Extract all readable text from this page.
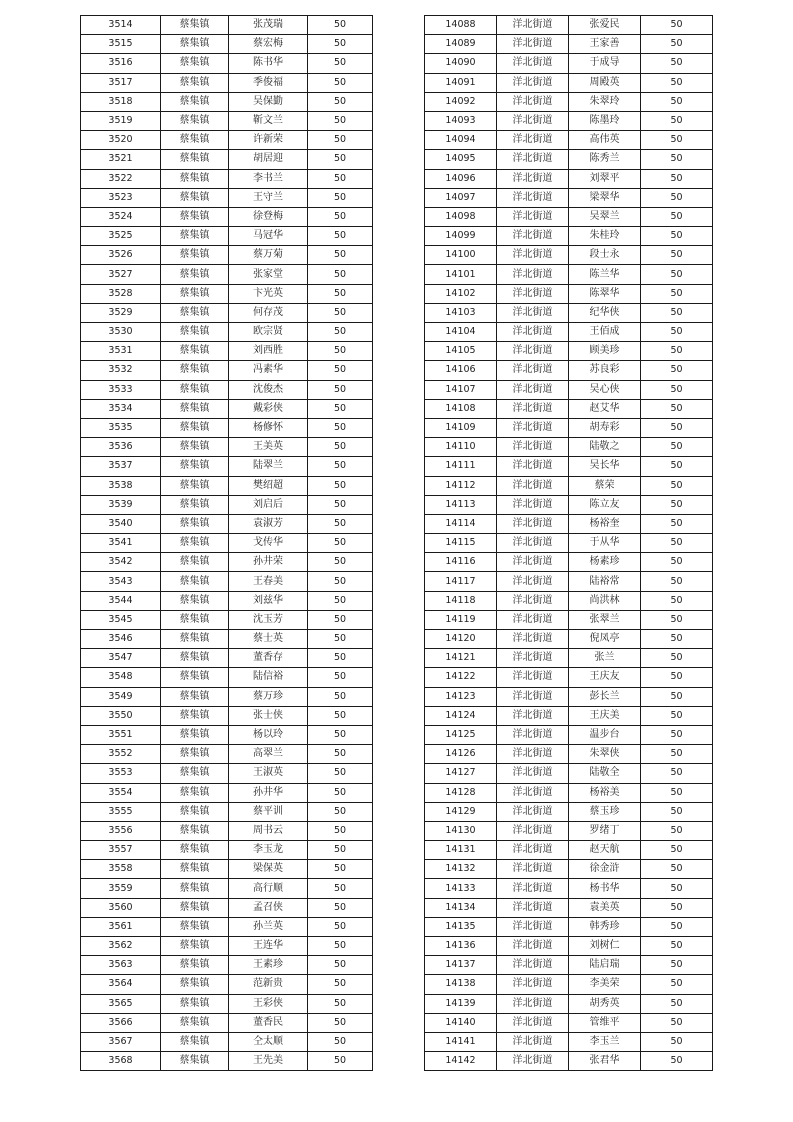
3514	蔡集镇	张茂瑞	50
3515	蔡集镇	蔡宏梅	50
3516	蔡集镇	陈书华	50
3517	蔡集镇	季俊福	50
3518	蔡集镇	吴保勤	50
3519	蔡集镇	靳文兰	50
3520	蔡集镇	许新荣	50
3521	蔡集镇	胡居迎	50
3522	蔡集镇	李书兰	50
3523	蔡集镇	王守兰	50
3524	蔡集镇	徐登梅	50
3525	蔡集镇	马冠华	50
3526	蔡集镇	蔡万菊	50
3527	蔡集镇	张家堂	50
3528	蔡集镇	卞光英	50
3529	蔡集镇	何存茂	50
3530	蔡集镇	欧宗贤	50
3531	蔡集镇	刘西胜	50
3532	蔡集镇	冯素华	50
3533	蔡集镇	沈俊杰	50
3534	蔡集镇	戴彩侠	50
3535	蔡集镇	杨修怀	50
3536	蔡集镇	王美英	50
3537	蔡集镇	陆翠兰	50
3538	蔡集镇	樊绍超	50
3539	蔡集镇	刘启后	50
3540	蔡集镇	袁淑芳	50
3541	蔡集镇	戈传华	50
3542	蔡集镇	孙井荣	50
3543	蔡集镇	王春美	50
3544	蔡集镇	刘兹华	50
3545	蔡集镇	沈玉芳	50
3546	蔡集镇	蔡士英	50
3547	蔡集镇	董香存	50
3548	蔡集镇	陆信裕	50
3549	蔡集镇	蔡万珍	50
3550	蔡集镇	张士侠	50
3551	蔡集镇	杨以玲	50
3552	蔡集镇	高翠兰	50
3553	蔡集镇	王淑英	50
3554	蔡集镇	孙井华	50
3555	蔡集镇	蔡平训	50
3556	蔡集镇	周书云	50
3557	蔡集镇	李玉龙	50
3558	蔡集镇	梁保英	50
3559	蔡集镇	高行顺	50
3560	蔡集镇	孟召侠	50
3561	蔡集镇	孙兰英	50
3562	蔡集镇	王连华	50
3563	蔡集镇	王素珍	50
3564	蔡集镇	范新贵	50
3565	蔡集镇	王彩侠	50
3566	蔡集镇	董香民	50
3567	蔡集镇	仝太顺	50
3568	蔡集镇	王先美	50
14088	洋北街道	张爱民	50
14089	洋北街道	王家善	50
14090	洋北街道	于成导	50
14091	洋北街道	周殿英	50
14092	洋北街道	朱翠玲	50
14093	洋北街道	陈墨玲	50
14094	洋北街道	高伟英	50
14095	洋北街道	陈秀兰	50
14096	洋北街道	刘翠平	50
14097	洋北街道	梁翠华	50
14098	洋北街道	吴翠兰	50
14099	洋北街道	朱桂玲	50
14100	洋北街道	段士永	50
14101	洋北街道	陈兰华	50
14102	洋北街道	陈翠华	50
14103	洋北街道	纪华侠	50
14104	洋北街道	王佰成	50
14105	洋北街道	顾美珍	50
14106	洋北街道	苏良彩	50
14107	洋北街道	吴心侠	50
14108	洋北街道	赵艾华	50
14109	洋北街道	胡寿彩	50
14110	洋北街道	陆敬之	50
14111	洋北街道	吴长华	50
14112	洋北街道	蔡荣	50
14113	洋北街道	陈立友	50
14114	洋北街道	杨裕奎	50
14115	洋北街道	于从华	50
14116	洋北街道	杨素珍	50
14117	洋北街道	陆裕常	50
14118	洋北街道	尚洪林	50
14119	洋北街道	张翠兰	50
14120	洋北街道	倪凤亭	50
14121	洋北街道	张兰	50
14122	洋北街道	王庆友	50
14123	洋北街道	彭长兰	50
14124	洋北街道	王庆美	50
14125	洋北街道	温步台	50
14126	洋北街道	朱翠侠	50
14127	洋北街道	陆敬全	50
14128	洋北街道	杨裕美	50
14129	洋北街道	蔡玉珍	50
14130	洋北街道	罗绪丁	50
14131	洋北街道	赵天航	50
14132	洋北街道	徐金浒	50
14133	洋北街道	杨书华	50
14134	洋北街道	袁美英	50
14135	洋北街道	韩秀珍	50
14136	洋北街道	刘树仁	50
14137	洋北街道	陆启瑞	50
14138	洋北街道	李美荣	50
14139	洋北街道	胡秀英	50
14140	洋北街道	管维平	50
14141	洋北街道	李玉兰	50
14142	洋北街道	张君华	50
